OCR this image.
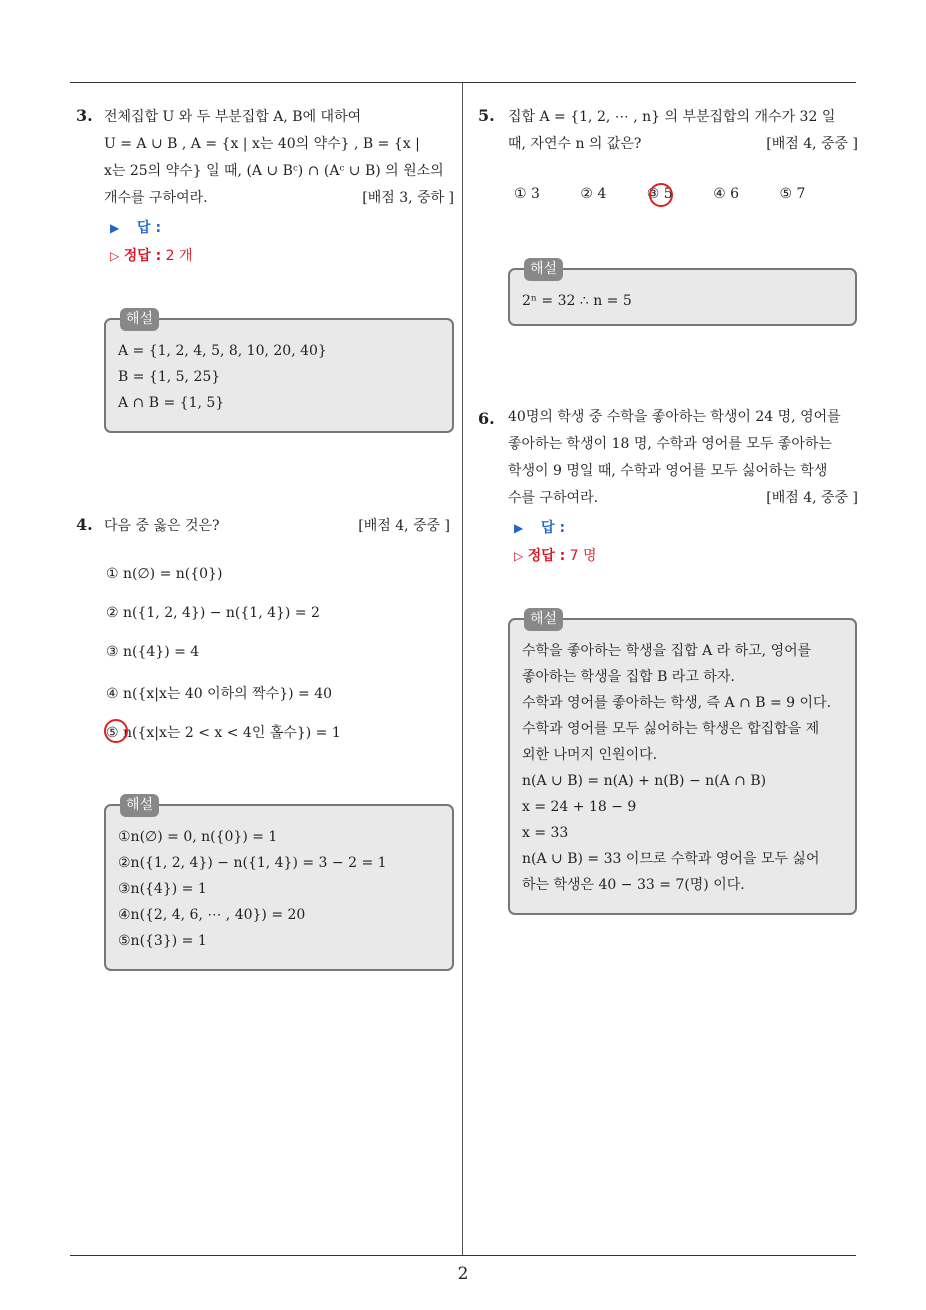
2
3. 전체집합 U 와 두 부분집합 A, B에 대하여
U = A ∪ B , A = {x | x는 40의 약수} , B = {x |
x는 25의 약수} 일 때, (A ∪ Bᶜ) ∩ (Aᶜ ∪ B) 의 원소의
개수를 구하여라.	[배점 3, 중하 ]
▶ 답 :
▷ 정답 : 2 개
해설
A = {1, 2, 4, 5, 8, 10, 20, 40}
B = {1, 5, 25}
A ∩ B = {1, 5}
4. 다음 중 옳은 것은?	[배점 4, 중중 ]
① n(∅) = n({0})
② n({1, 2, 4}) − n({1, 4}) = 2
③ n({4}) = 4
④ n({x|x는 40 이하의 짝수}) = 40
⑤ n({x|x는 2 < x < 4인 홀수}) = 1
해설
①n(∅) = 0, n({0}) = 1
②n({1, 2, 4}) − n({1, 4}) = 3 − 2 = 1
③n({4}) = 1
④n({2, 4, 6, ⋯ , 40}) = 20
⑤n({3}) = 1
5. 집합 A = {1, 2, ⋯ , n} 의 부분집합의 개수가 32 일
때, 자연수 n 의 값은?	[배점 4, 중중 ]
① 3	② 4	③ 5	④ 6	⑤ 7
해설
2ⁿ = 32 ∴ n = 5
6. 40명의 학생 중 수학을 좋아하는 학생이 24 명, 영어를
좋아하는 학생이 18 명, 수학과 영어를 모두 좋아하는
학생이 9 명일 때, 수학과 영어를 모두 싫어하는 학생
수를 구하여라.	[배점 4, 중중 ]
▶ 답 :
▷ 정답 : 7 명
해설
수학을 좋아하는 학생을 집합 A 라 하고, 영어를
좋아하는 학생을 집합 B 라고 하자.
수학과 영어를 좋아하는 학생, 즉 A ∩ B = 9 이다.
수학과 영어를 모두 싫어하는 학생은 합집합을 제
외한 나머지 인원이다.
n(A ∪ B) = n(A) + n(B) − n(A ∩ B)
x = 24 + 18 − 9
x = 33
n(A ∪ B) = 33 이므로 수학과 영어을 모두 싫어
하는 학생은 40 − 33 = 7(명) 이다.
